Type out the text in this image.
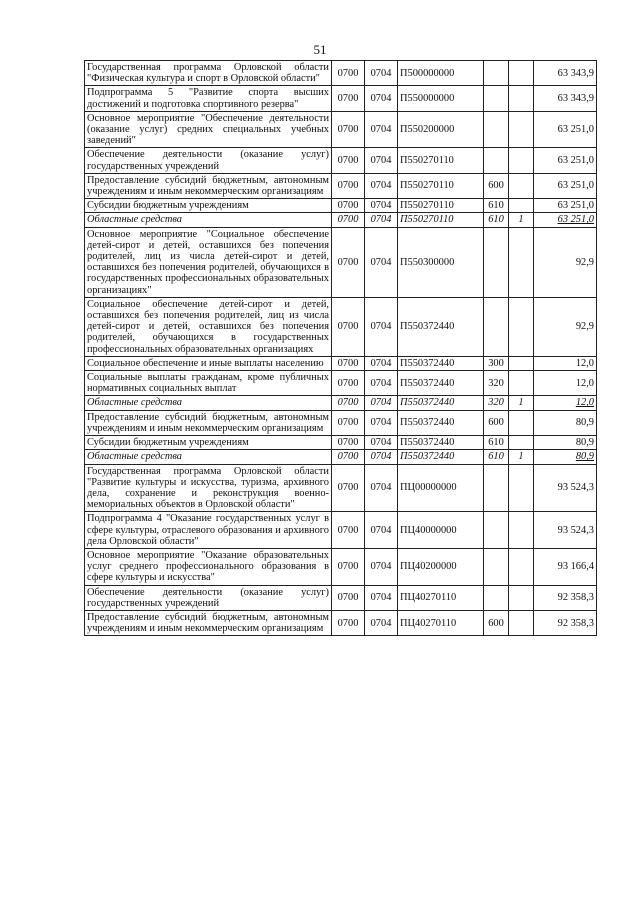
51
Государственная программа Орловской области "Физическая культура и спорт в Орловской области"	0700	0704	П500000000			63 343,9
Подпрограмма 5 "Развитие спорта высших достижений и подготовка спортивного резерва"	0700	0704	П550000000			63 343,9
Основное мероприятие "Обеспечение деятельности (оказание услуг) средних специальных учебных заведений"	0700	0704	П550200000			63 251,0
Обеспечение деятельности (оказание услуг) государственных учреждений	0700	0704	П550270110			63 251,0
Предоставление субсидий бюджетным, автономным учреждениям и иным некоммерческим организациям	0700	0704	П550270110	600		63 251,0
Субсидии бюджетным учреждениям	0700	0704	П550270110	610		63 251,0
Областные средства	0700	0704	П550270110	610	1	63 251,0
Основное мероприятие "Социальное обеспечение детей-сирот и детей, оставшихся без попечения родителей, лиц из числа детей-сирот и детей, оставшихся без попечения родителей, обучающихся в государственных профессиональных образовательных организациях"	0700	0704	П550300000			92,9
Социальное обеспечение детей-сирот и детей, оставшихся без попечения родителей, лиц из числа детей-сирот и детей, оставшихся без попечения родителей, обучающихся в государственных профессиональных образовательных организациях	0700	0704	П550372440			92,9
Социальное обеспечение и иные выплаты населению	0700	0704	П550372440	300		12,0
Социальные выплаты гражданам, кроме публичных нормативных социальных выплат	0700	0704	П550372440	320		12,0
Областные средства	0700	0704	П550372440	320	1	12,0
Предоставление субсидий бюджетным, автономным учреждениям и иным некоммерческим организациям	0700	0704	П550372440	600		80,9
Субсидии бюджетным учреждениям	0700	0704	П550372440	610		80,9
Областные средства	0700	0704	П550372440	610	1	80,9
Государственная программа Орловской области "Развитие культуры и искусства, туризма, архивного дела, сохранение и реконструкция военно-мемориальных объектов в Орловской области"	0700	0704	ПЦ00000000			93 524,3
Подпрограмма 4 "Оказание государственных услуг в сфере культуры, отраслевого образования и архивного дела Орловской области"	0700	0704	ПЦ40000000			93 524,3
Основное мероприятие "Оказание образовательных услуг среднего профессионального образования в сфере культуры и искусства"	0700	0704	ПЦ40200000			93 166,4
Обеспечение деятельности (оказание услуг) государственных учреждений	0700	0704	ПЦ40270110			92 358,3
Предоставление субсидий бюджетным, автономным учреждениям и иным некоммерческим организациям	0700	0704	ПЦ40270110	600		92 358,3
